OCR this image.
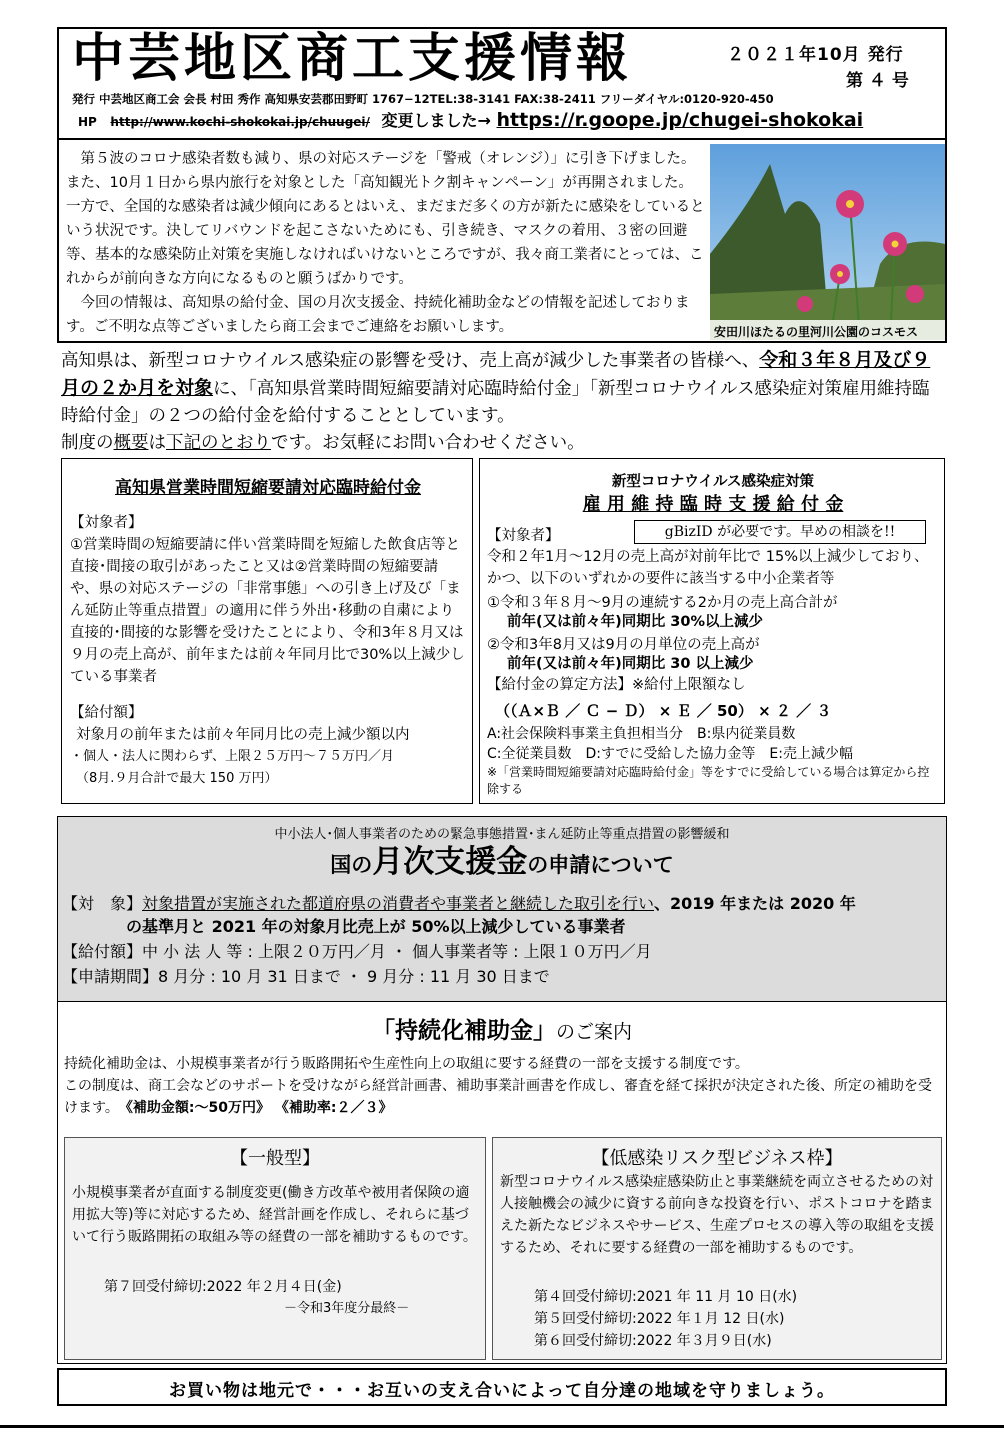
中芸地区商工支援情報	２０２１年10月 発行
第 ４ 号
発行 中芸地区商工会 会長 村田 秀作 高知県安芸郡田野町 1767−12TEL:38-3141 FAX:38-2411 フリーダイヤル:0120-920-450
HP http://www.kochi-shokokai.jp/chuugei/ 変更しました→ https://r.goope.jp/chugei-shokokai
第５波のコロナ感染者数も減り、県の対応ステージを「警戒（オレンジ）」に引き下げました。また、10月１日から県内旅行を対象とした「高知観光トク割キャンペーン」が再開されました。一方で、全国的な感染者は減少傾向にあるとはいえ、まだまだ多くの方が新たに感染をしているという状況です。決してリバウンドを起こさないためにも、引き続き、マスクの着用、３密の回避等、基本的な感染防止対策を実施しなければいけないところですが、我々商工業者にとっては、これからが前向きな方向になるものと願うばかりです。
今回の情報は、高知県の給付金、国の月次支援金、持続化補助金などの情報を記述しております。ご不明な点等ございましたら商工会までご連絡をお願いします。	安田川ほたるの里河川公園のコスモス
高知県は、新型コロナウイルス感染症の影響を受け、売上高が減少した事業者の皆様へ、令和３年８月及び９月の２か月を対象に、「高知県営業時間短縮要請対応臨時給付金」「新型コロナウイルス感染症対策雇用維持臨時給付金」の２つの給付金を給付することとしています。
制度の概要は下記のとおりです。お気軽にお問い合わせください。
高知県営業時間短縮要請対応臨時給付金
【対象者】
①営業時間の短縮要請に伴い営業時間を短縮した飲食店等と直接･間接の取引があったこと又は②営業時間の短縮要請や、県の対応ステージの「非常事態」への引き上げ及び「まん延防止等重点措置」の適用に伴う外出･移動の自粛により直接的･間接的な影響を受けたことにより、令和3年８月又は９月の売上高が、前年または前々年同月比で30%以上減少している事業者
【給付額】
対象月の前年または前々年同月比の売上減少額以内
・個人・法人に関わらず、上限２５万円～７５万円／月
（8月.９月合計で最大 150 万円）
新型コロナウイルス感染症対策
雇 用 維 持 臨 時 支 援 給 付 金
【対象者】	gBizID が必要です。早めの相談を!!
令和２年1月～12月の売上高が対前年比で 15%以上減少しており、かつ、以下のいずれかの要件に該当する中小企業者等
①令和３年８月～9月の連続する2か月の売上高合計が
前年(又は前々年)同期比 30%以上減少
②令和3年8月又は9月の月単位の売上高が
前年(又は前々年)同期比 30 以上減少
【給付金の算定方法】※給付上限額なし
（（Ａ×Ｂ ／ Ｃ − Ｄ） × Ｅ ／ 50） × ２ ／ ３
A:社会保険料事業主負担相当分　B:県内従業員数
C:全従業員数　D:すでに受給した協力金等　E:売上減少幅
※「営業時間短縮要請対応臨時給付金」等をすでに受給している場合は算定から控除する
中小法人･個人事業者のための緊急事態措置･まん延防止等重点措置の影響緩和
国の月次支援金の申請について
【対　象】対象措置が実施された都道府県の消費者や事業者と継続した取引を行い、2019 年または 2020 年
の基準月と 2021 年の対象月比売上が 50%以上減少している事業者
【給付額】中 小 法 人 等 : 上限２０万円／月 ・ 個人事業者等 : 上限１０万円／月
【申請期間】8 月分 : 10 月 31 日まで ・ 9 月分 : 11 月 30 日まで
「持続化補助金」のご案内
持続化補助金は、小規模事業者が行う販路開拓や生産性向上の取組に要する経費の一部を支援する制度です。
この制度は、商工会などのサポートを受けながら経営計画書、補助事業計画書を作成し、審査を経て採択が決定された後、所定の補助を受けます。《補助金額:～50万円》 《補助率:２／３》
【一般型】
小規模事業者が直面する制度変更(働き方改革や被用者保険の適用拡大等)等に対応するため、経営計画を作成し、それらに基づいて行う販路開拓の取組み等の経費の一部を補助するものです。
第７回受付締切:2022 年２月４日(金)
－令和3年度分最終－
【低感染リスク型ビジネス枠】
新型コロナウイルス感染症感染防止と事業継続を両立させるための対人接触機会の減少に資する前向きな投資を行い、ポストコロナを踏まえた新たなビジネスやサービス、生産プロセスの導入等の取組を支援するため、それに要する経費の一部を補助するものです。
第４回受付締切:2021 年 11 月 10 日(水)
第５回受付締切:2022 年１月 12 日(水)
第６回受付締切:2022 年３月９日(水)
お買い物は地元で・・・お互いの支え合いによって自分達の地域を守りましょう。
